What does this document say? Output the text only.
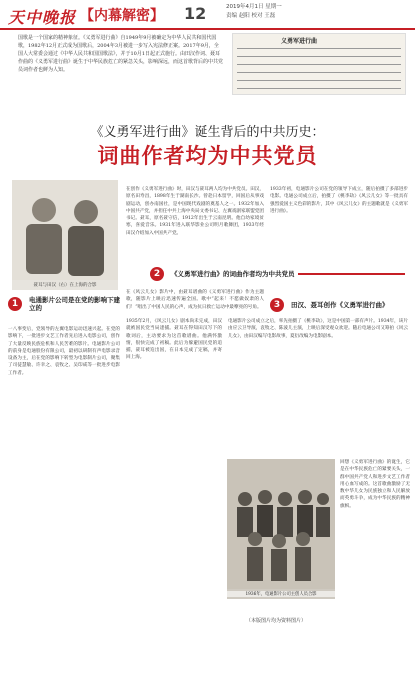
天中晚报 【内幕解密】 12	2019年4月1日 星期一
责编 赵阳 校对 王磊
国歌是一个国家的精神象征。《义勇军进行曲》自1949年9月被确定为中华人民共和国代国歌，1982年12月正式成为国歌后，2004年3月被进一步写入宪法修正案。2017年9月，全国人大常委会通过《中华人民共和国国歌法》，并于10月1日起正式施行。由田汉作词、聂耳作曲的《义勇军进行曲》诞生于中华民族危亡的紧急关头，影响深远，而这首歌背后的中共党员词作者也鲜为人知。
义勇军进行曲
《义勇军进行曲》诞生背后的中共历史：
词曲作者均为中共党员
聂耳与田汉（右）在上海的合影
2 《义勇军进行曲》的词曲作者均为中共党员
在创作《义勇军进行曲》时，田汉与聂耳两人均为中共党员。田汉，原名田寿昌，1898年生于湖南长沙。曾赴日本留学，回国后从事戏剧运动，创办南国社，是中国现代戏剧的奠基人之一。1932年加入中国共产党，并担任中共上海中央局文委书记、左翼戏剧家联盟党团书记。聂耳，原名聂守信，1912年出生于云南昆明。他自幼家境贫寒，喜爱音乐。1931年进入联华影业公司明月歌舞团，1933年经田汉介绍加入中国共产党。
1933年初，电通影片公司在党的领导下成立，随后拍摄了多部进步电影。电通公司成立后，拍摄了《桃李劫》《风云儿女》等一批具有强烈爱国主义色彩的影片，其中《风云儿女》的主题歌就是《义勇军进行曲》。
1 电通影片公司是在党的影响下建立的
在《风云儿女》影片中，由聂耳谱曲的《义勇军进行曲》作为主题歌，随影片上映后迅速传遍全国。歌中“起来！不愿做奴隶的人们！”唱出了中国人民的心声，成为抗日救亡运动中最嘹亮的号角。	3 田汉、聂耳创作《义勇军进行曲》
一八事变后，党领导的左翼电影运动迅速兴起。在党的影响下，一批进步文艺工作者先后进入电影公司，创作了大量反映民族危机和人民苦难的影片。电通影片公司的前身是电通股份有限公司，最初以研制有声电影录音设备为主，后在党的影响下转型为电影制片公司，聚集了司徒慧敏、许幸之、袁牧之、吴印咸等一批进步电影工作者。
1935年2月，《风云儿女》剧本尚未完成，田汉就被国民党当局逮捕。聂耳在得知田汉写下的歌词后，主动要求为这首歌谱曲。他满怀激情，很快完成了初稿。此后为躲避国民党的追捕，聂耳被迫出国，在日本完成了定稿，并寄回上海。
电通影片公司成立之后，率先拍摄了《桃李劫》，这是中国第一部有声片。1934年，该片由应云卫导演，袁牧之、陈波儿主演，上映后深受观众欢迎。随后电通公司又筹拍《风云儿女》，由田汉编写电影故事，夏衍改编为电影剧本。
回想《义勇军进行曲》的诞生，它是在中华民族危亡的紧要关头，一群中国共产党人和进步文艺工作者用心血写成的。这首歌曲激励了无数中华儿女为民族独立和人民解放而英勇斗争，成为中华民族的精神旗帜。
1936年，电通影片公司主创人员合影
（本版图片均为资料图片）
